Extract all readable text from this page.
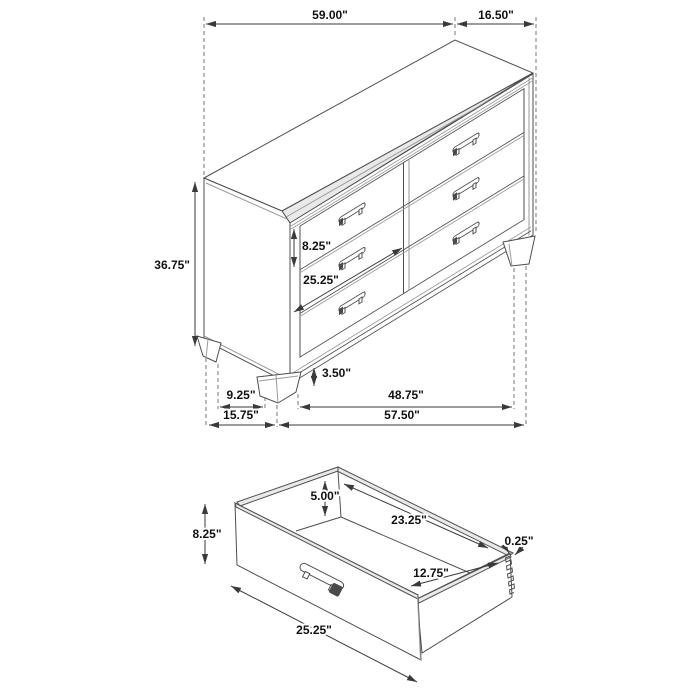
59.00"	16.50"
36.75"
8.25"
25.25"
3.50"
9.25"	48.75"
15.75"	57.50"
8.25"
5.00"
23.25"
0.25"
12.75"
25.25"
